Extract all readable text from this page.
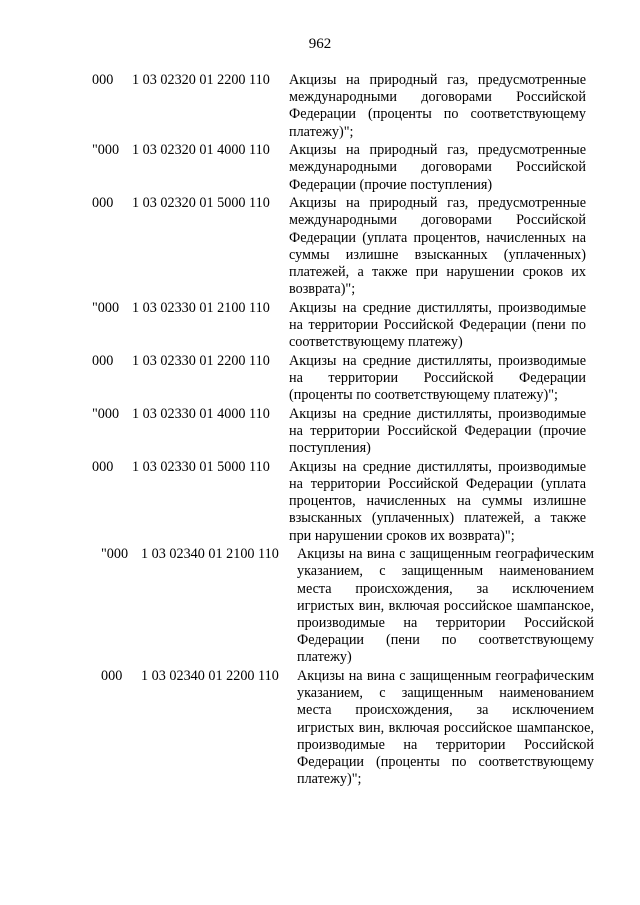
962
000 1 03 02320 01 2200 110 Акцизы на природный газ, предусмотренные международными договорами Российской Федерации (проценты по соответствующему платежу)";
"000 1 03 02320 01 4000 110 Акцизы на природный газ, предусмотренные международными договорами Российской Федерации (прочие поступления)
000 1 03 02320 01 5000 110 Акцизы на природный газ, предусмотренные международными договорами Российской Федерации (уплата процентов, начисленных на суммы излишне взысканных (уплаченных) платежей, а также при нарушении сроков их возврата)";
"000 1 03 02330 01 2100 110 Акцизы на средние дистилляты, производимые на территории Российской Федерации (пени по соответствующему платежу)
000 1 03 02330 01 2200 110 Акцизы на средние дистилляты, производимые на территории Российской Федерации (проценты по соответствующему платежу)";
"000 1 03 02330 01 4000 110 Акцизы на средние дистилляты, производимые на территории Российской Федерации (прочие поступления)
000 1 03 02330 01 5000 110 Акцизы на средние дистилляты, производимые на территории Российской Федерации (уплата процентов, начисленных на суммы излишне взысканных (уплаченных) платежей, а также при нарушении сроков их возврата)";
"000 1 03 02340 01 2100 110 Акцизы на вина с защищенным географическим указанием, с защищенным наименованием места происхождения, за исключением игристых вин, включая российское шампанское, производимые на территории Российской Федерации (пени по соответствующему платежу)
000 1 03 02340 01 2200 110 Акцизы на вина с защищенным географическим указанием, с защищенным наименованием места происхождения, за исключением игристых вин, включая российское шампанское, производимые на территории Российской Федерации (проценты по соответствующему платежу)";
